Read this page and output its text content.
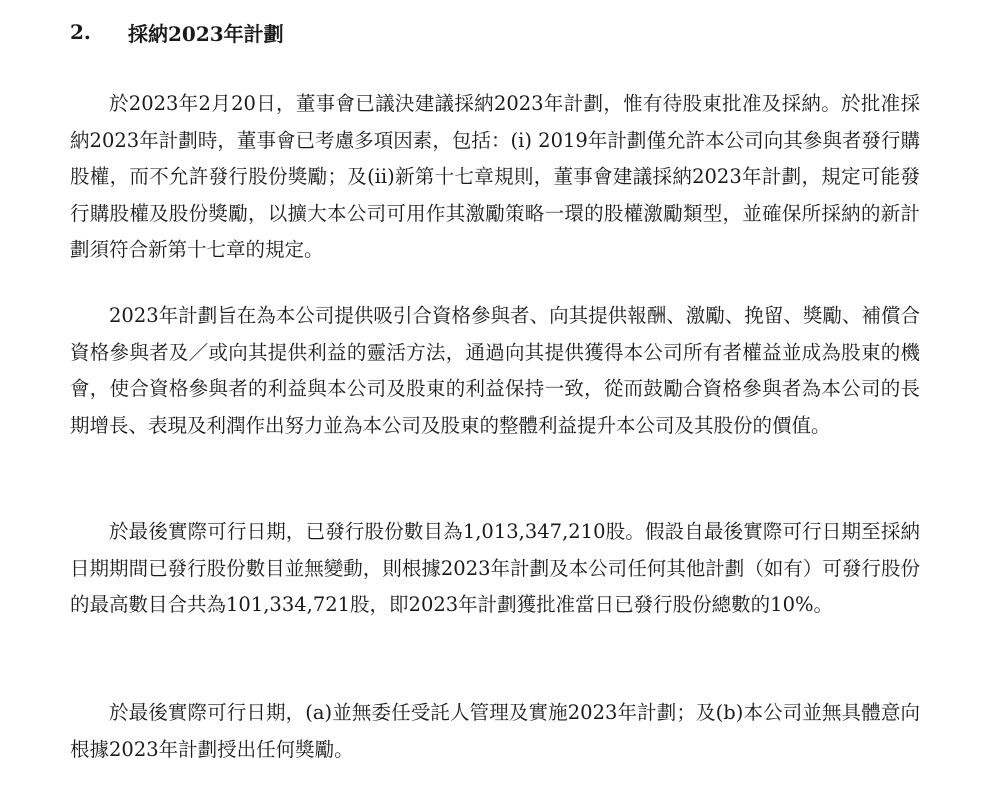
2.	採納2023年計劃

於2023年2月20日，董事會已議決建議採納2023年計劃，惟有待股東批准及採納。於批准採納2023年計劃時，董事會已考慮多項因素，包括：(i) 2019年計劃僅允許本公司向其參與者發行購股權，而不允許發行股份獎勵；及(ii)新第十七章規則，董事會建議採納2023年計劃，規定可能發行購股權及股份獎勵，以擴大本公司可用作其激勵策略一環的股權激勵類型，並確保所採納的新計劃須符合新第十七章的規定。

2023年計劃旨在為本公司提供吸引合資格參與者、向其提供報酬、激勵、挽留、獎勵、補償合資格參與者及／或向其提供利益的靈活方法，通過向其提供獲得本公司所有者權益並成為股東的機會，使合資格參與者的利益與本公司及股東的利益保持一致，從而鼓勵合資格參與者為本公司的長期增長、表現及利潤作出努力並為本公司及股東的整體利益提升本公司及其股份的價值。

於最後實際可行日期，已發行股份數目為1,013,347,210股。假設自最後實際可行日期至採納日期期間已發行股份數目並無變動，則根據2023年計劃及本公司任何其他計劃（如有）可發行股份的最高數目合共為101,334,721股，即2023年計劃獲批准當日已發行股份總數的10%。

於最後實際可行日期，(a)並無委任受託人管理及實施2023年計劃；及(b)本公司並無具體意向根據2023年計劃授出任何獎勵。
